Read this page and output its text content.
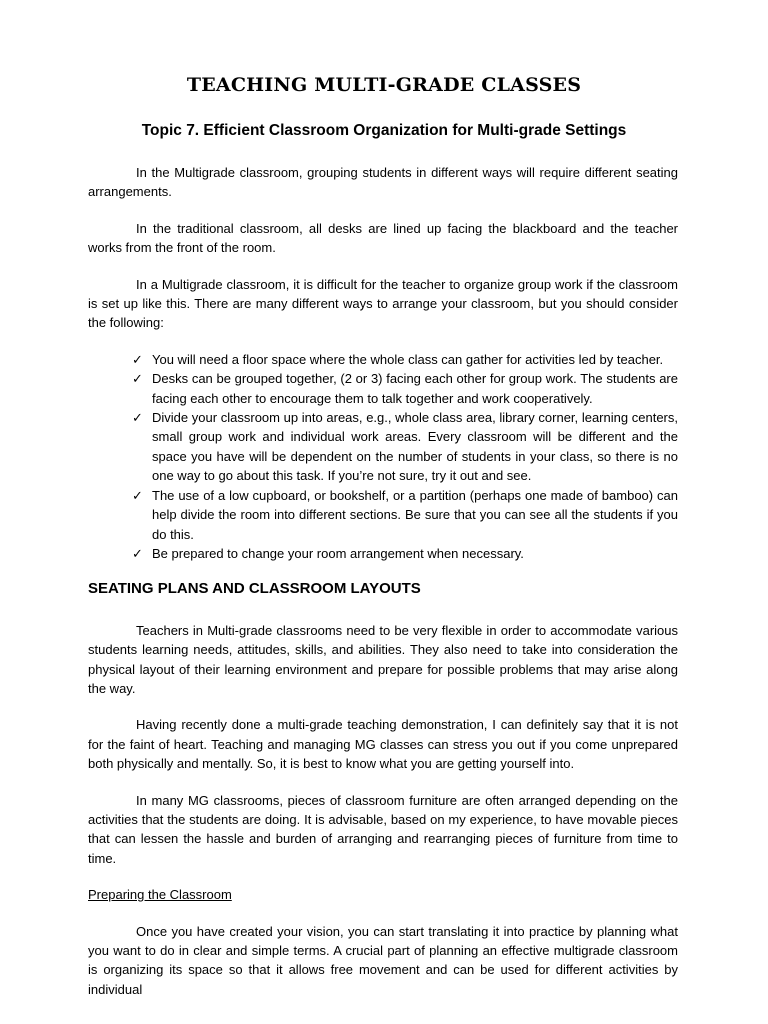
TEACHING MULTI-GRADE CLASSES
Topic 7. Efficient Classroom Organization for Multi-grade Settings

In the Multigrade classroom, grouping students in different ways will require different seating arrangements.

In the traditional classroom, all desks are lined up facing the blackboard and the teacher works from the front of the room.

In a Multigrade classroom, it is difficult for the teacher to organize group work if the classroom is set up like this. There are many different ways to arrange your classroom, but you should consider the following:

✓ You will need a floor space where the whole class can gather for activities led by teacher.
✓ Desks can be grouped together, (2 or 3) facing each other for group work. The students are facing each other to encourage them to talk together and work cooperatively.
✓ Divide your classroom up into areas, e.g., whole class area, library corner, learning centers, small group work and individual work areas. Every classroom will be different and the space you have will be dependent on the number of students in your class, so there is no one way to go about this task. If you’re not sure, try it out and see.
✓ The use of a low cupboard, or bookshelf, or a partition (perhaps one made of bamboo) can help divide the room into different sections. Be sure that you can see all the students if you do this.
✓ Be prepared to change your room arrangement when necessary.
SEATING PLANS AND CLASSROOM LAYOUTS

Teachers in Multi-grade classrooms need to be very flexible in order to accommodate various students learning needs, attitudes, skills, and abilities. They also need to take into consideration the physical layout of their learning environment and prepare for possible problems that may arise along the way.

Having recently done a multi-grade teaching demonstration, I can definitely say that it is not for the faint of heart. Teaching and managing MG classes can stress you out if you come unprepared both physically and mentally. So, it is best to know what you are getting yourself into.

In many MG classrooms, pieces of classroom furniture are often arranged depending on the activities that the students are doing. It is advisable, based on my experience, to have movable pieces that can lessen the hassle and burden of arranging and rearranging pieces of furniture from time to time.

Preparing the Classroom

Once you have created your vision, you can start translating it into practice by planning what you want to do in clear and simple terms. A crucial part of planning an effective multigrade classroom is organizing its space so that it allows free movement and can be used for different activities by individual
